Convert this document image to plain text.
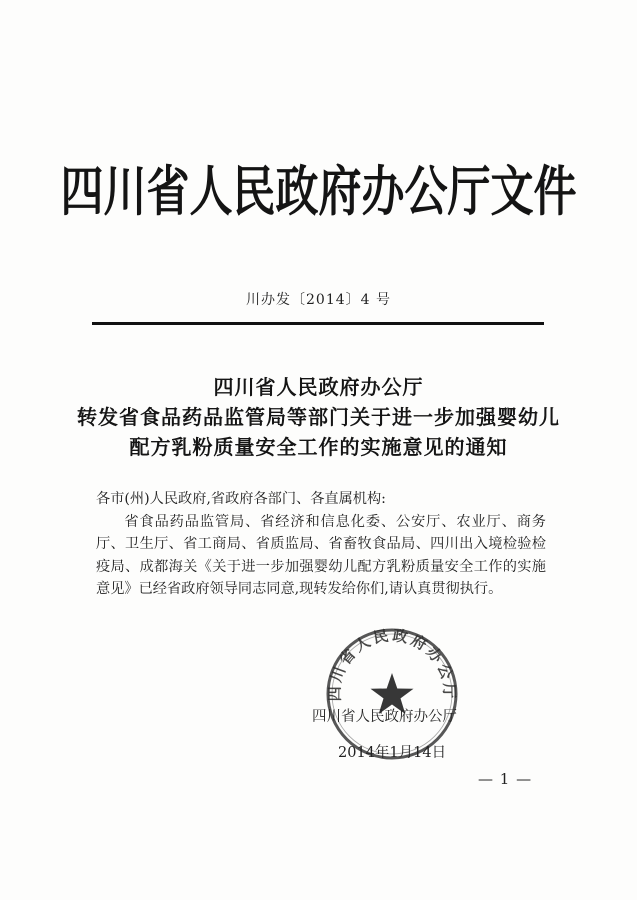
四川省人民政府办公厅文件
川办发〔2014〕4 号
四川省人民政府办公厅
转发省食品药品监管局等部门关于进一步加强婴幼儿
配方乳粉质量安全工作的实施意见的通知

各市(州)人民政府,省政府各部门、各直属机构:

省食品药品监管局、省经济和信息化委、公安厅、农业厅、商务厅、卫生厅、省工商局、省质监局、省畜牧食品局、四川出入境检验检疫局、成都海关《关于进一步加强婴幼儿配方乳粉质量安全工作的实施意见》已经省政府领导同志同意,现转发给你们,请认真贯彻执行。

四川省人民政府办公厅
四川省人民政府办公厅
2014年1月14日
— 1 —
